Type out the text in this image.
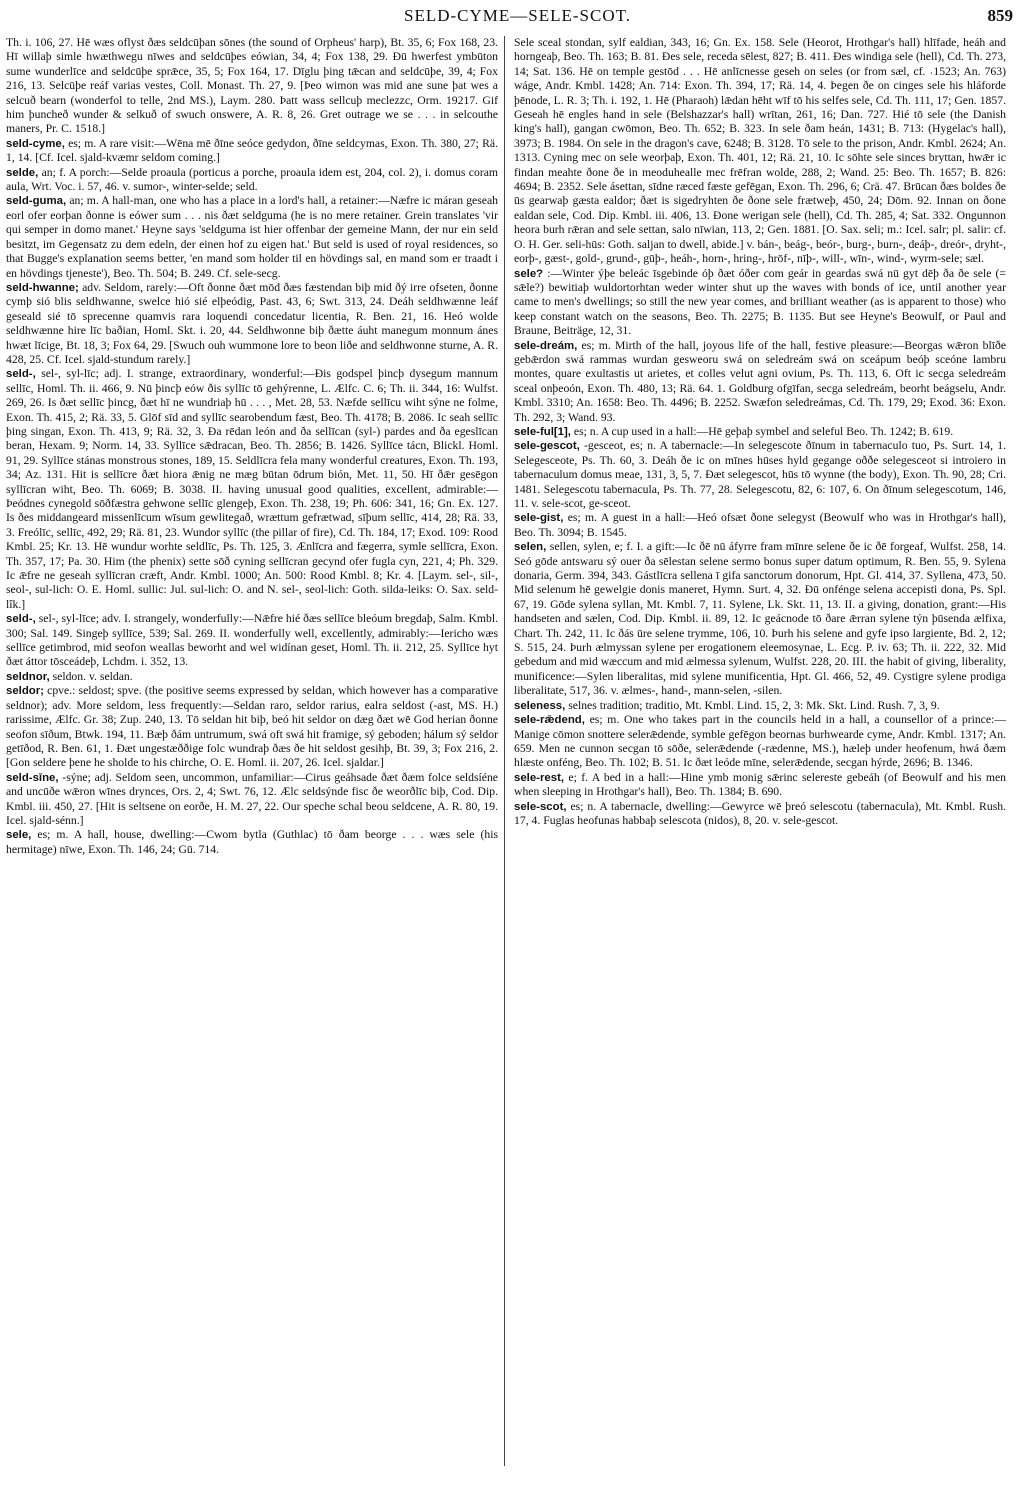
SELD-CYME—SELE-SCOT.	859

Th. i. 106, 27. Hē wæs oflyst ðæs seldcūþan sōnes (the sound of Orpheus' harp), Bt. 35, 6; Fox 168, 23. Hī willaþ simle hwæthwegu nīwes and seldcūþes eówian, 34, 4; Fox 138, 29. Ðū hwerfest ymbūton sume wunderlīce and seldcūþe sprǣce, 35, 5; Fox 164, 17. Dīglu þing tǣcan and seldcūþe, 39, 4; Fox 216, 13. Selcūþe reáf varias vestes, Coll. Monast. Th. 27, 9. [Þeo wimon was mid ane sune þat wes a selcuð bearn (wonderfol to telle, 2nd MS.), Laym. 280. Þatt wass sellcuþ meclezzc, Orm. 19217. Gif him þuncheð wunder & selkuð of swuch onswere, A. R. 8, 26. Gret outrage we se . . . in selcouthe maners, Pr. C. 1518.]

seld-cyme, es; m. A rare visit:—Wēna mē ðīne seóce gedydon, ðīne seldcymas, Exon. Th. 380, 27; Rä. 1, 14. [Cf. Icel. sjald-kvæmr seldom coming.]

selde, an; f. A porch:—Selde proaula (porticus a porche, proaula idem est, 204, col. 2), i. domus coram aula, Wrt. Voc. i. 57, 46. v. sumor-, winter-selde; seld.

seld-guma, an; m. A hall-man, one who has a place in a lord's hall, a retainer:—Næfre ic máran geseah eorl ofer eorþan ðonne is eówer sum . . . nis ðæt seldguma (he is no mere retainer. Grein translates 'vir qui semper in domo manet.' Heyne says 'seldguma ist hier offenbar der gemeine Mann, der nur ein seld besitzt, im Gegensatz zu dem edeln, der einen hof zu eigen hat.' But seld is used of royal residences, so that Bugge's explanation seems better, 'en mand som holder til en hövdings sal, en mand som er traadt i en hövdings tjeneste'), Beo. Th. 504; B. 249. Cf. sele-secg.

seld-hwanne; adv. Seldom, rarely:—Oft ðonne ðæt mōd ðæs fæstendan biþ mid ðý irre ofseten, ðonne cymþ sió blis seldhwanne, swelce hió sié elþeódig, Past. 43, 6; Swt. 313, 24. Deáh seldhwænne leáf geseald sié tō sprecenne quamvis rara loquendi concedatur licentia, R. Ben. 21, 16. Heó wolde seldhwænne hire līc baðian, Homl. Skt. i. 20, 44. Seldhwonne biþ ðætte áuht manegum monnum ánes hwæt līcige, Bt. 18, 3; Fox 64, 29. [Swuch ouh wummone lore to beon liðe and seldhwonne sturne, A. R. 428, 25. Cf. Icel. sjald-stundum rarely.]

seld-, sel-, syl-līc; adj. I. strange, extraordinary, wonderful:—Ðis godspel þincþ dysegum mannum sellīc, Homl. Th. ii. 466, 9. Nū þincþ eów ðis syllīc tō gehýrenne, L. Ælfc. C. 6; Th. ii. 344, 16: Wulfst. 269, 26. Is ðæt sellīc þincg, ðæt hī ne wundriaþ hū . . . , Met. 28, 53. Næfde sellīcu wiht sýne ne folme, Exon. Th. 415, 2; Rä. 33, 5. Glōf sīd and syllīc searobendum fæst, Beo. Th. 4178; B. 2086. Ic seah sellīc þing singan, Exon. Th. 413, 9; Rä. 32, 3. Ða rēdan león and ða sellīcan (syl-) pardes and ða egeslīcan beran, Hexam. 9; Norm. 14, 33. Syllīce sǣdracan, Beo. Th. 2856; B. 1426. Syllīce tácn, Blickl. Homl. 91, 29. Syllīce stánas monstrous stones, 189, 15. Seldlīcra fela many wonderful creatures, Exon. Th. 193, 34; Az. 131. Hit is sellīcre ðæt hiora ǣnig ne mæg būtan ōdrum bión, Met. 11, 50. Hī ðǣr gesēgon syllīcran wiht, Beo. Th. 6069; B. 3038. II. having unusual good qualities, excellent, admirable:—Þeódnes cynegold sōðfæstra gehwone sellīc glengeþ, Exon. Th. 238, 19; Ph. 606: 341, 16; Gn. Ex. 127. Is ðes middangeard missenlīcum wīsum gewlitegað, wrættum gefrætwad, sīþum sellīc, 414, 28; Rä. 33, 3. Freólīc, sellīc, 492, 29; Rä. 81, 23. Wundor syllīc (the pillar of fire), Cd. Th. 184, 17; Exod. 109: Rood Kmbl. 25; Kr. 13. Hē wundur worhte seldlīc, Ps. Th. 125, 3. Ænlīcra and fægerra, symle sellīcra, Exon. Th. 357, 17; Pa. 30. Him (the phenix) sette sōð cyning sellīcran gecynd ofer fugla cyn, 221, 4; Ph. 329. Ic ǣfre ne geseah syllīcran cræft, Andr. Kmbl. 1000; An. 500: Rood Kmbl. 8; Kr. 4. [Laym. sel-, sil-, seol-, sul-lich: O. E. Homl. sullic: Jul. sul-lich: O. and N. sel-, seol-lich: Goth. silda-leiks: O. Sax. seld-lîk.]

seld-, sel-, syl-līce; adv. I. strangely, wonderfully:—Nǣfre hié ðæs sellīce bleóum bregdaþ, Salm. Kmbl. 300; Sal. 149. Singeþ syllīce, 539; Sal. 269. II. wonderfully well, excellently, admirably:—Iericho wæs sellīce getimbrod, mid seofon weallas beworht and wel widínan geset, Homl. Th. ii. 212, 25. Syllīce hyt ðæt áttor tōsceádeþ, Lchdm. i. 352, 13.

seldnor, seldon. v. seldan.

seldor; cpve.: seldost; spve. (the positive seems expressed by seldan, which however has a comparative seldnor); adv. More seldom, less frequently:—Seldan raro, seldor rarius, ealra seldost (-ast, MS. H.) rarissime, Ælfc. Gr. 38; Zup. 240, 13. Tō seldan hit biþ, beó hit seldor on dæg ðæt wē God herian ðonne seofon sīðum, Btwk. 194, 11. Bæþ ðám untrumum, swá oft swá hit framige, sý geboden; hálum sý seldor getīðod, R. Ben. 61, 1. Ðæt ungestæððige folc wundraþ ðæs ðe hit seldost gesihþ, Bt. 39, 3; Fox 216, 2. [Gon seldere þene he sholde to his chirche, O. E. Homl. ii. 207, 26. Icel. sjaldar.]

seld-sīne, -sýne; adj. Seldom seen, uncommon, unfamiliar:—Cirus geáhsade ðæt ðæm folce seldsíéne and uncūðe wǣron wīnes drynces, Ors. 2, 4; Swt. 76, 12. Ælc seldsýnde fisc ðe weorðlīc biþ, Cod. Dip. Kmbl. iii. 450, 27. [Hit is seltsene on eorðe, H. M. 27, 22. Our speche schal beou seldcene, A. R. 80, 19. Icel. sjald-sénn.]

sele, es; m. A hall, house, dwelling:—Cwom bytla (Guthlac) tō ðam beorge . . . wæs sele (his hermitage) nīwe, Exon. Th. 146, 24; Gū. 714.

Sele sceal stondan, sylf ealdian, 343, 16; Gn. Ex. 158. Sele (Heorot, Hrothgar's hall) hlīfade, heáh and horngeaþ, Beo. Th. 163; B. 81. Ðes sele, receda sēlest, 827; B. 411. Ðes windiga sele (hell), Cd. Th. 273, 14; Sat. 136. Hē on temple gestōd . . . Hē anlīcnesse geseh on seles (or from sæl, cf. ˓1523; An. 763) wáge, Andr. Kmbl. 1428; An. 714: Exon. Th. 394, 17; Rä. 14, 4. Þegen ðe on cinges sele his hláforde þēnode, L. R. 3; Th. i. 192, 1. Hē (Pharaoh) lǣdan hēht wīf tō his selfes sele, Cd. Th. 111, 17; Gen. 1857. Geseah hē engles hand in sele (Belshazzar's hall) wrītan, 261, 16; Dan. 727. Hié tō sele (the Danish king's hall), gangan cwōmon, Beo. Th. 652; B. 323. In sele ðam heán, 1431; B. 713: (Hygelac's hall), 3973; B. 1984. On sele in the dragon's cave, 6248; B. 3128. Tō sele to the prison, Andr. Kmbl. 2624; An. 1313. Cyning mec on sele weorþaþ, Exon. Th. 401, 12; Rä. 21, 10. Ic sōhte sele sinces bryttan, hwǣr ic findan meahte ðone ðe in meoduhealle mec frēfran wolde, 288, 2; Wand. 25: Beo. Th. 1657; B. 826: 4694; B. 2352. Sele ásettan, sīdne ræced fæste gefēgan, Exon. Th. 296, 6; Crä. 47. Brūcan ðæs boldes ðe ūs gearwaþ gæsta ealdor; ðæt is sigedryhten ðe ðone sele frætweþ, 450, 24; Dōm. 92. Innan on ðone ealdan sele, Cod. Dip. Kmbl. iii. 406, 13. Ðone werigan sele (hell), Cd. Th. 285, 4; Sat. 332. Ongunnon heora burh rǣran and sele settan, salo nīwian, 113, 2; Gen. 1881. [O. Sax. seli; m.: Icel. salr; pl. salir: cf. O. H. Ger. seli-hūs: Goth. saljan to dwell, abide.] v. bán-, beág-, beór-, burg-, burn-, deáþ-, dreór-, dryht-, eorþ-, gæst-, gold-, grund-, gūþ-, heáh-, horn-, hring-, hrōf-, nīþ-, will-, wīn-, wind-, wyrm-sele; sæl.

sele? :—Winter ýþe beleác īsgebinde óþ ðæt óðer com geár in geardas swá nū gyt dēþ ða ðe sele (= sǣle?) bewitiaþ wuldortorhtan weder winter shut up the waves with bonds of ice, until another year came to men's dwellings; so still the new year comes, and brilliant weather (as is apparent to those) who keep constant watch on the seasons, Beo. Th. 2275; B. 1135. But see Heyne's Beowulf, or Paul and Braune, Beiträge, 12, 31.

sele-dreám, es; m. Mirth of the hall, joyous life of the hall, festive pleasure:—Beorgas wǣron blīðe gebǣrdon swá rammas wurdan gesweoru swá on seledreám swá on sceápum beóþ sceóne lambru montes, quare exultastis ut arietes, et colles velut agni ovium, Ps. Th. 113, 6. Oft ic secga seledreám sceal onþeoón, Exon. Th. 480, 13; Rä. 64. 1. Goldburg ofgīfan, secga seledreám, beorht beágselu, Andr. Kmbl. 3310; An. 1658: Beo. Th. 4496; B. 2252. Swæfon seledreámas, Cd. Th. 179, 29; Exod. 36: Exon. Th. 292, 3; Wand. 93.

sele-ful[1], es; n. A cup used in a hall:—Hē geþaþ symbel and seleful Beo. Th. 1242; B. 619.

sele-gescot, -gesceot, es; n. A tabernacle:—In selegescote ðīnum in tabernaculo tuo, Ps. Surt. 14, 1. Selegesceote, Ps. Th. 60, 3. Deáh ðe ic on mīnes hūses hyld gegange oððe selegesceot si introiero in tabernaculum domus meae, 131, 3, 5, 7. Ðæt selegescot, hūs tō wynne (the body), Exon. Th. 90, 28; Cri. 1481. Selegescotu tabernacula, Ps. Th. 77, 28. Selegescotu, 82, 6: 107, 6. On ðīnum selegescotum, 146, 11. v. sele-scot, ge-sceot.

sele-gist, es; m. A guest in a hall:—Heó ofsæt ðone selegyst (Beowulf who was in Hrothgar's hall), Beo. Th. 3094; B. 1545.

selen, sellen, sylen, e; f. I. a gift:—Ic ðē nū áfyrre fram mīnre selene ðe ic ðē forgeaf, Wulfst. 258, 14. Seó gōde antswaru sý ouer ða sēlestan selene sermo bonus super datum optimum, R. Ben. 55, 9. Sylena donaria, Germ. 394, 343. Gástlīcra sellena ī gifa sanctorum donorum, Hpt. Gl. 414, 37. Syllena, 473, 50. Mid selenum hē gewelgie donis maneret, Hymn. Surt. 4, 32. Ðū onfénge selena accepisti dona, Ps. Spl. 67, 19. Gōde sylena syllan, Mt. Kmbl. 7, 11. Sylene, Lk. Skt. 11, 13. II. a giving, donation, grant:—His handseten and sælen, Cod. Dip. Kmbl. ii. 89, 12. Ic geácnode tō ðare ǣrran sylene týn þūsenda ælfixa, Chart. Th. 242, 11. Ic ðás ūre selene trymme, 106, 10. Þurh his selene and gyfe ipso largiente, Bd. 2, 12; S. 515, 24. Þurh ælmyssan sylene per erogationem eleemosynae, L. Ecg. P. iv. 63; Th. ii. 222, 32. Mid gebedum and mid wæccum and mid ælmessa sylenum, Wulfst. 228, 20. III. the habit of giving, liberality, munificence:—Sylen liberalitas, mid sylene munificentia, Hpt. Gl. 466, 52, 49. Cystigre sylene prodiga liberalitate, 517, 36. v. ælmes-, hand-, mann-selen, -silen.

seleness, selnes tradition; traditio, Mt. Kmbl. Lind. 15, 2, 3: Mk. Skt. Lind. Rush. 7, 3, 9.

sele-rǣdend, es; m. One who takes part in the councils held in a hall, a counsellor of a prince:—Manige cōmon snottere selerǣdende, symble gefēgon beornas burhwearde cyme, Andr. Kmbl. 1317; An. 659. Men ne cunnon secgan tō sōðe, selerǣdende (-rædenne, MS.), hæleþ under heofenum, hwá ðæm hlæste onféng, Beo. Th. 102; B. 51. Ic ðæt leóde mīne, selerǣdende, secgan hýrde, 2696; B. 1346.

sele-rest, e; f. A bed in a hall:—Hine ymb monig sǣrinc selereste gebeáh (of Beowulf and his men when sleeping in Hrothgar's hall), Beo. Th. 1384; B. 690.

sele-scot, es; n. A tabernacle, dwelling:—Gewyrce wē þreó selescotu (tabernacula), Mt. Kmbl. Rush. 17, 4. Fuglas heofunas habbaþ selescota (nidos), 8, 20. v. sele-gescot.
